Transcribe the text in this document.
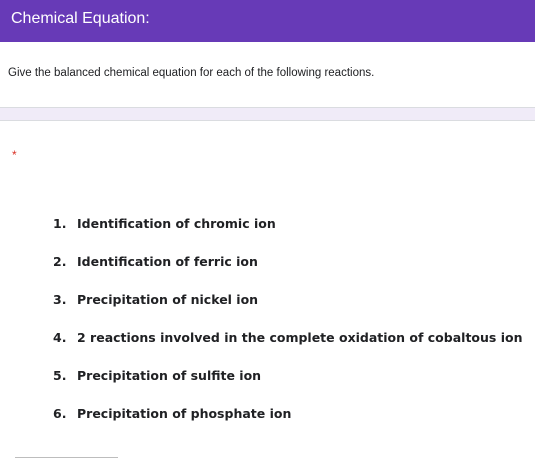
Chemical Equation:
Give the balanced chemical equation for each of the following reactions.
*
1. Identification of chromic ion
2. Identification of ferric ion
3. Precipitation of nickel ion
4. 2 reactions involved in the complete oxidation of cobaltous ion
5. Precipitation of sulfite ion
6. Precipitation of phosphate ion
